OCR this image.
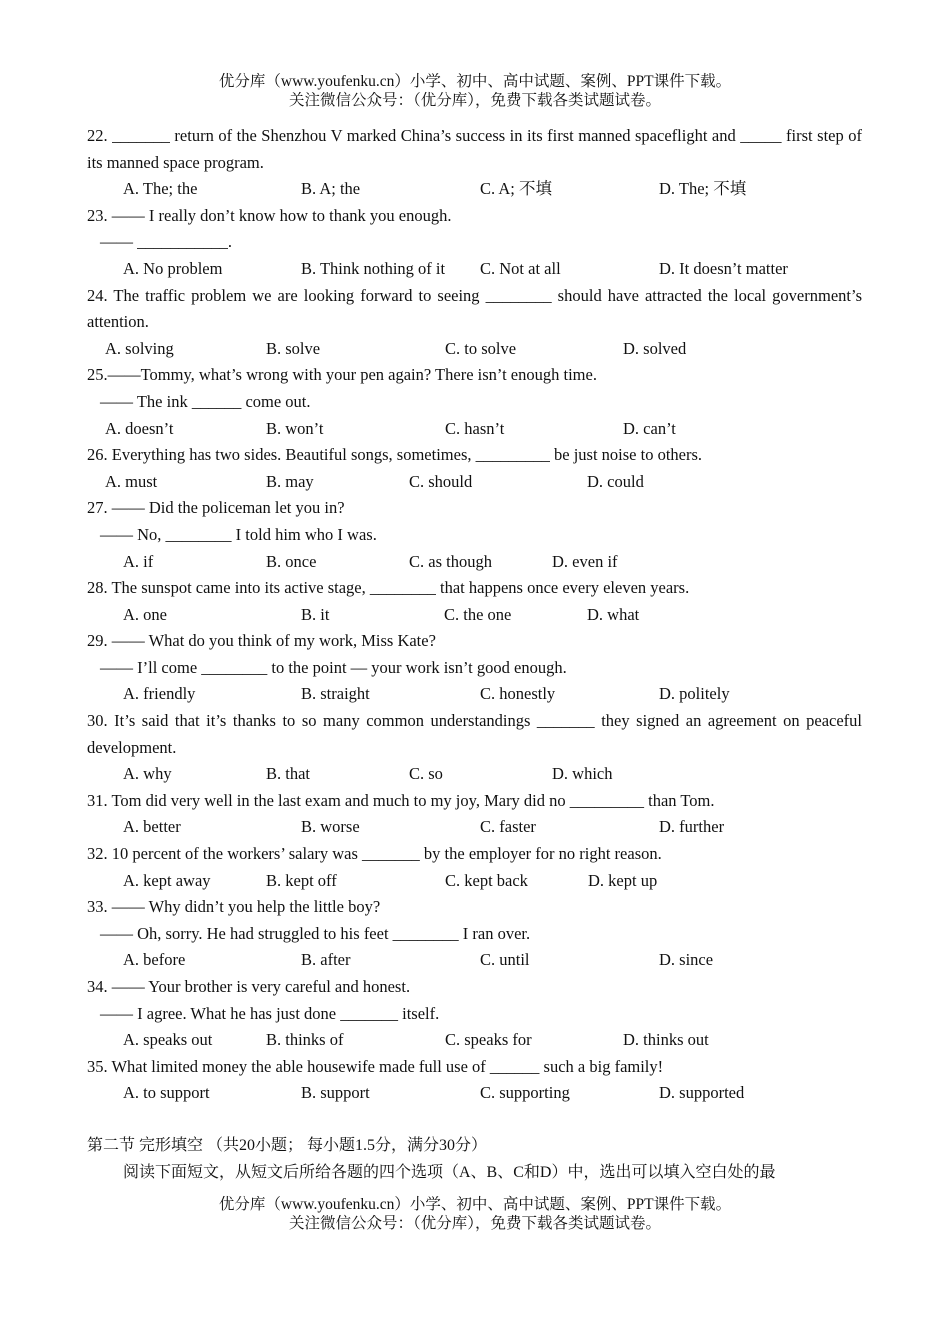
优分库（www.youfenku.cn）小学、初中、高中试题、案例、PPT课件下载。
关注微信公众号：（优分库），免费下载各类试题试卷。

22. _______ return of the Shenzhou V marked China’s success in its first manned spaceflight and _____ first step of its manned space program.

A. The; the	B. A; the	C. A; 不填	D. The; 不填

23. —— I really don’t know how to thank you enough.

—— ___________.

A. No problem	B. Think nothing of it	C. Not at all	D. It doesn’t matter

24. The traffic problem we are looking forward to seeing ________ should have attracted the local government’s attention.

A. solving	B. solve	C. to solve	D. solved

25.——Tommy, what’s wrong with your pen again? There isn’t enough time.

—— The ink ______ come out.

A. doesn’t	B. won’t	C. hasn’t	D. can’t

26. Everything has two sides. Beautiful songs, sometimes, _________ be just noise to others.

A. must	B. may	C. should	D. could

27. —— Did the policeman let you in?

—— No, ________ I told him who I was.

A. if	B. once	C. as though	D. even if

28. The sunspot came into its active stage, ________ that happens once every eleven years.

A. one	B. it	C. the one	D. what

29. —— What do you think of my work, Miss Kate?

—— I’ll come ________ to the point — your work isn’t good enough.

A. friendly	B. straight	C. honestly	D. politely

30. It’s said that it’s thanks to so many common understandings _______ they signed an agreement on peaceful development.

A. why	B. that	C. so	D. which

31. Tom did very well in the last exam and much to my joy, Mary did no _________ than Tom.

A. better	B. worse	C. faster	D. further

32. 10 percent of the workers’ salary was _______ by the employer for no right reason.

A. kept away	B. kept off	C. kept back	D. kept up

33. —— Why didn’t you help the little boy?

—— Oh, sorry. He had struggled to his feet ________ I ran over.

A. before	B. after	C. until	D. since

34. —— Your brother is very careful and honest.

—— I agree. What he has just done _______ itself.

A. speaks out	B. thinks of	C. speaks for	D. thinks out

35. What limited money the able housewife made full use of ______ such a big family!

A. to support	B. support	C. supporting	D. supported

第二节 完形填空 （共20小题； 每小题1.5分，满分30分）

阅读下面短文，从短文后所给各题的四个选项（A、B、C和D）中，选出可以填入空白处的最

优分库（www.youfenku.cn）小学、初中、高中试题、案例、PPT课件下载。
关注微信公众号：（优分库），免费下载各类试题试卷。
